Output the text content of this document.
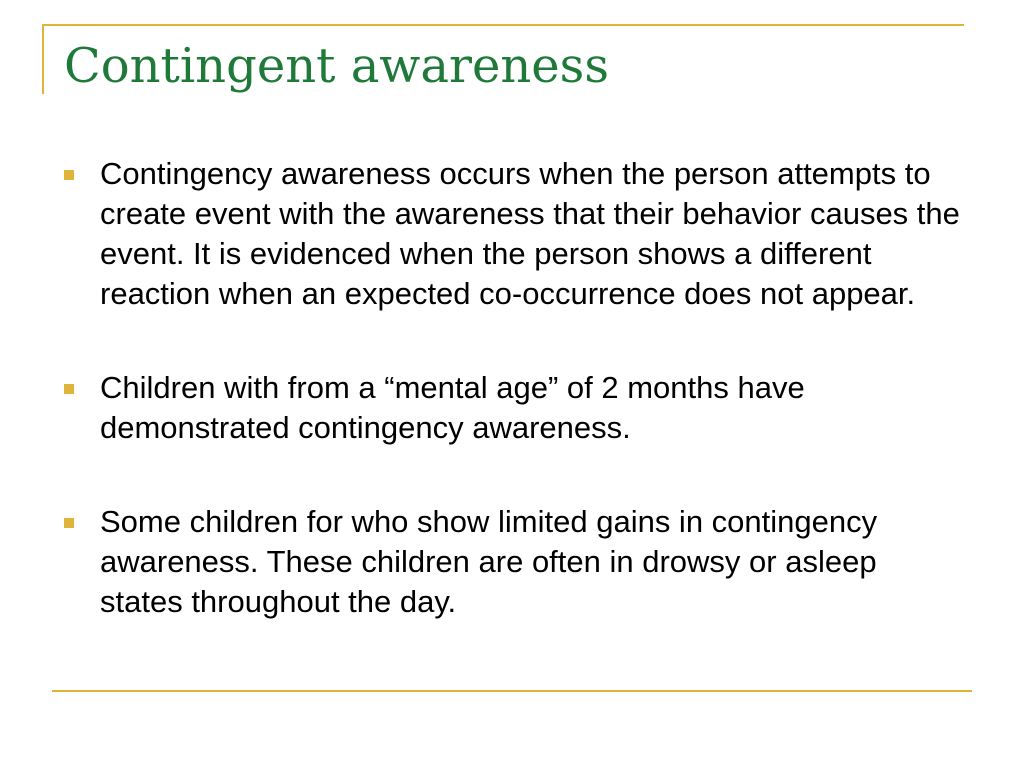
Contingent awareness
Contingency awareness occurs when the person attempts to create event with the awareness that their behavior causes the event. It is evidenced when the person shows a different reaction when an expected co-occurrence does not appear.
Children with from a “mental age” of 2 months have demonstrated contingency awareness.
Some children for who show limited gains in contingency awareness. These children are often in drowsy or asleep states throughout the day.
